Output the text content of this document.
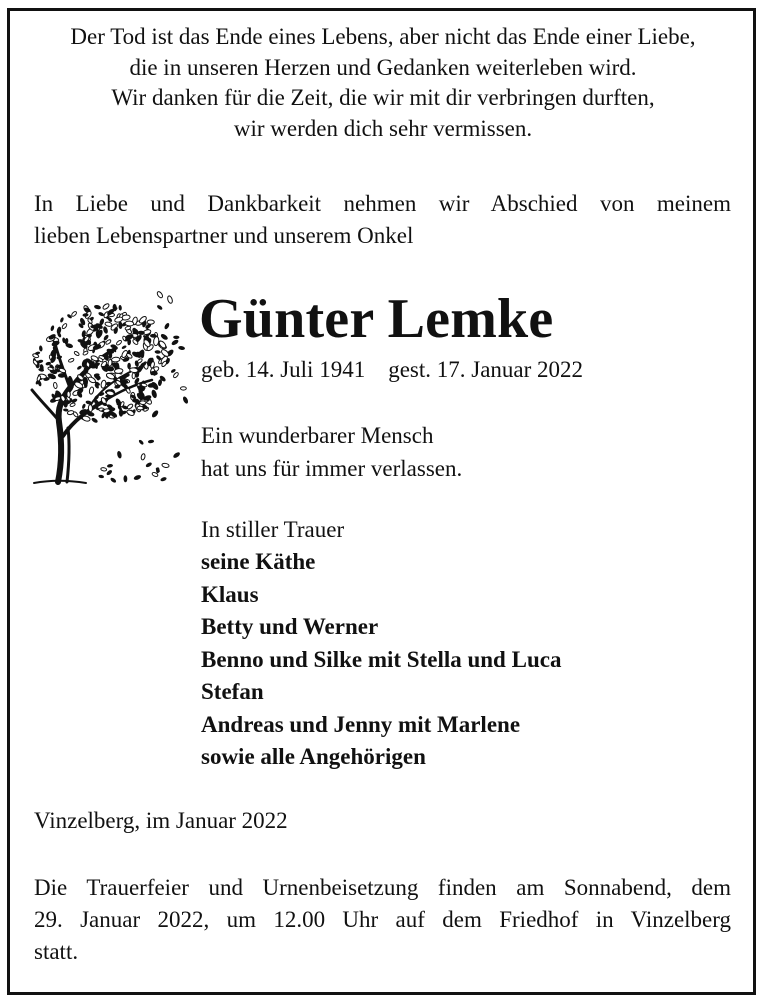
Der Tod ist das Ende eines Lebens, aber nicht das Ende einer Liebe,
die in unseren Herzen und Gedanken weiterleben wird.
Wir danken für die Zeit, die wir mit dir verbringen durften,
wir werden dich sehr vermissen.
In Liebe und Dankbarkeit nehmen wir Abschied von meinem
lieben Lebenspartner und unserem Onkel
Günter Lemke
geb. 14. Juli 1941    gest. 17. Januar 2022
Ein wunderbarer Mensch
hat uns für immer verlassen.
In stiller Trauer
seine Käthe
Klaus
Betty und Werner
Benno und Silke mit Stella und Luca
Stefan
Andreas und Jenny mit Marlene
sowie alle Angehörigen
Vinzelberg, im Januar 2022
Die Trauerfeier und Urnenbeisetzung finden am Sonnabend, dem
29. Januar 2022, um 12.00 Uhr auf dem Friedhof in Vinzelberg
statt.
